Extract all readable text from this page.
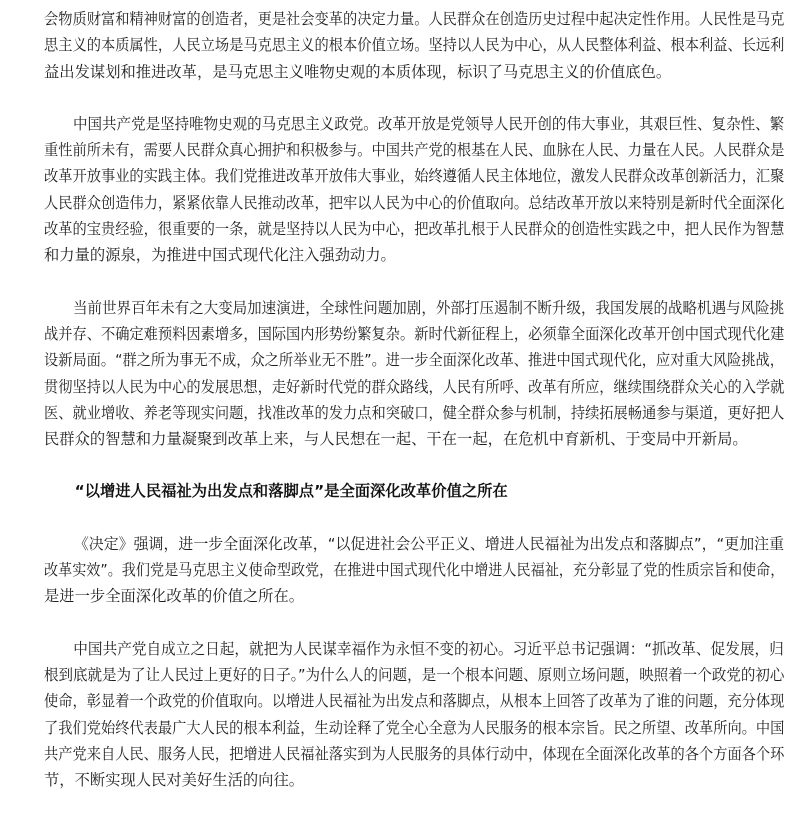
会物质财富和精神财富的创造者，更是社会变革的决定力量。人民群众在创造历史过程中起决定性作用。人民性是马克
思主义的本质属性，人民立场是马克思主义的根本价值立场。坚持以人民为中心，从人民整体利益、根本利益、长远利
益出发谋划和推进改革，是马克思主义唯物史观的本质体现，标识了马克思主义的价值底色。
中国共产党是坚持唯物史观的马克思主义政党。改革开放是党领导人民开创的伟大事业，其艰巨性、复杂性、繁
重性前所未有，需要人民群众真心拥护和积极参与。中国共产党的根基在人民、血脉在人民、力量在人民。人民群众是
改革开放事业的实践主体。我们党推进改革开放伟大事业，始终遵循人民主体地位，激发人民群众改革创新活力，汇聚
人民群众创造伟力，紧紧依靠人民推动改革，把牢以人民为中心的价值取向。总结改革开放以来特别是新时代全面深化
改革的宝贵经验，很重要的一条，就是坚持以人民为中心，把改革扎根于人民群众的创造性实践之中，把人民作为智慧
和力量的源泉，为推进中国式现代化注入强劲动力。
当前世界百年未有之大变局加速演进，全球性问题加剧，外部打压遏制不断升级，我国发展的战略机遇与风险挑
战并存、不确定难预料因素增多，国际国内形势纷繁复杂。新时代新征程上，必须靠全面深化改革开创中国式现代化建
设新局面。“群之所为事无不成，众之所举业无不胜”。进一步全面深化改革、推进中国式现代化，应对重大风险挑战，
贯彻坚持以人民为中心的发展思想，走好新时代党的群众路线，人民有所呼、改革有所应，继续围绕群众关心的入学就
医、就业增收、养老等现实问题，找准改革的发力点和突破口，健全群众参与机制，持续拓展畅通参与渠道，更好把人
民群众的智慧和力量凝聚到改革上来，与人民想在一起、干在一起，在危机中育新机、于变局中开新局。
“以增进人民福祉为出发点和落脚点”是全面深化改革价值之所在
《决定》强调，进一步全面深化改革，“以促进社会公平正义、增进人民福祉为出发点和落脚点”，“更加注重
改革实效”。我们党是马克思主义使命型政党，在推进中国式现代化中增进人民福祉，充分彰显了党的性质宗旨和使命，
是进一步全面深化改革的价值之所在。
中国共产党自成立之日起，就把为人民谋幸福作为永恒不变的初心。习近平总书记强调：“抓改革、促发展，归
根到底就是为了让人民过上更好的日子。”为什么人的问题，是一个根本问题、原则立场问题，映照着一个政党的初心
使命，彰显着一个政党的价值取向。以增进人民福祉为出发点和落脚点，从根本上回答了改革为了谁的问题，充分体现
了我们党始终代表最广大人民的根本利益，生动诠释了党全心全意为人民服务的根本宗旨。民之所望、改革所向。中国
共产党来自人民、服务人民，把增进人民福祉落实到为人民服务的具体行动中，体现在全面深化改革的各个方面各个环
节，不断实现人民对美好生活的向往。
